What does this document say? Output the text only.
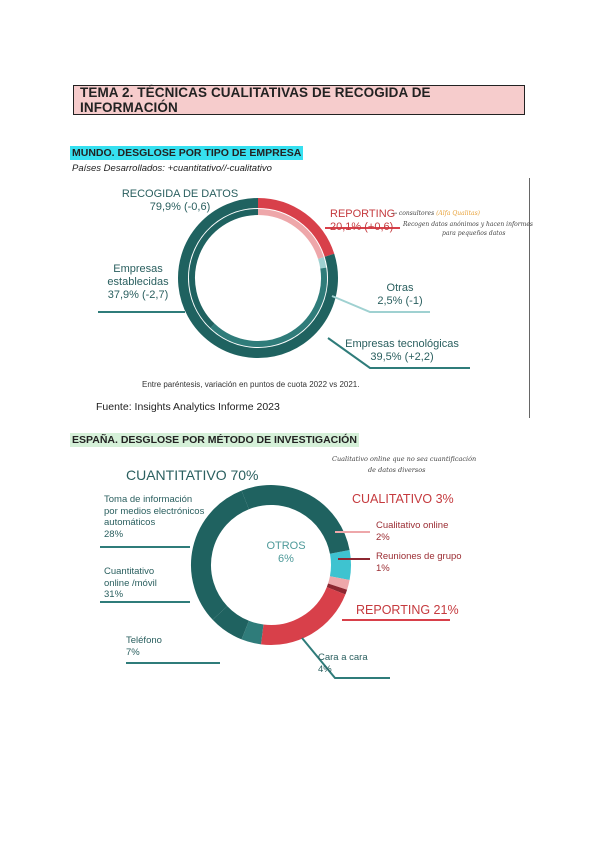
TEMA 2. TÉCNICAS CUALITATIVAS DE RECOGIDA DE INFORMACIÓN
MUNDO. DESGLOSE POR TIPO DE EMPRESA
Países Desarrollados: +cuantitativo//-cualitativo
RECOGIDA DE DATOS
79,9% (-0,6)
REPORTING
20,1% (+0,6)
→ consultores (Alfa Qualitas)
Recogen datos anónimos y hacen informes
para pequeños datos
Empresas
establecidas
37,9% (-2,7)
Otras
2,5% (-1)
Empresas tecnológicas
39,5% (+2,2)
Entre paréntesis, variación en puntos de cuota 2022 vs 2021.
Fuente: Insights Analytics Informe 2023
ESPAÑA. DESGLOSE POR MÉTODO DE INVESTIGACIÓN
CUANTITATIVO 70%
Cualitativo online que no sea cuantificación
de datos diversos
CUALITATIVO 3%
Toma de información
por medios electrónicos
automáticos
28%
OTROS
6%
Cualitativo online
2%
Reuniones de grupo
1%
Cuantitativo
online /móvil
31%
REPORTING 21%
Teléfono
7%	Cara a cara
4%
